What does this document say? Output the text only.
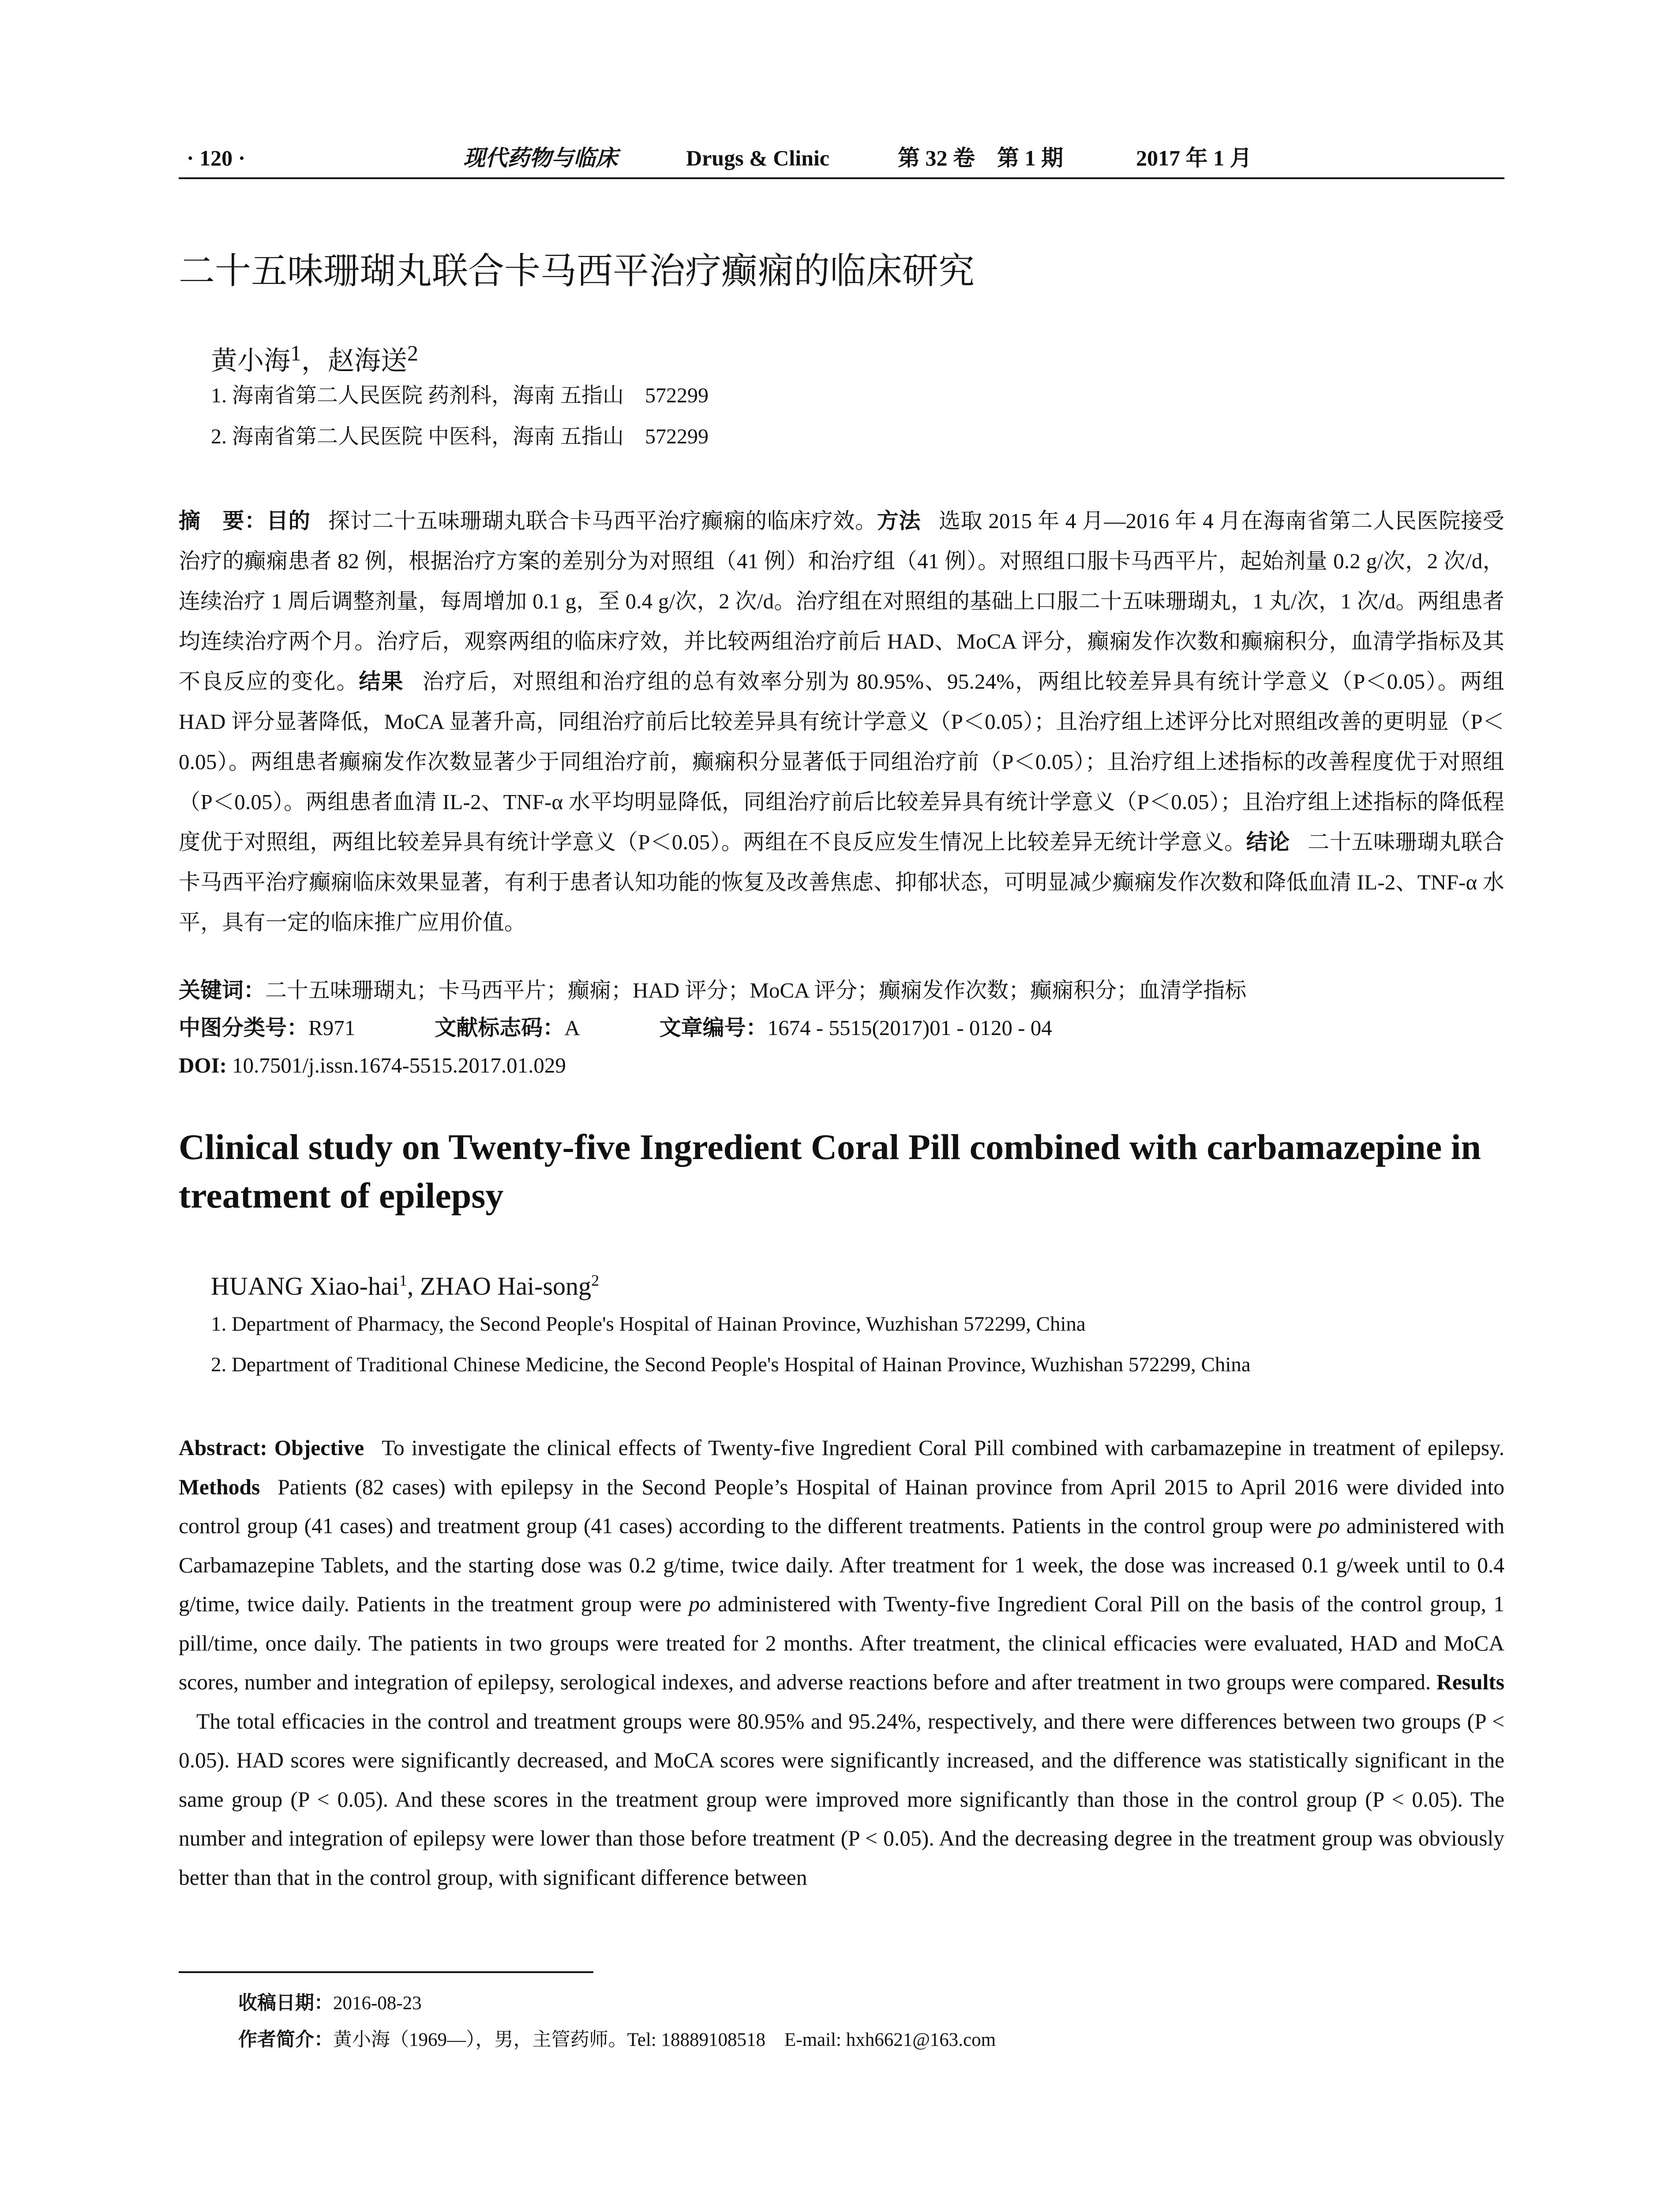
· 120 ·	现代药物与临床	Drugs & Clinic	第 32 卷　第 1 期	2017 年 1 月
二十五味珊瑚丸联合卡马西平治疗癫痫的临床研究
黄小海$^1$，赵海送$^2$
1. 海南省第二人民医院 药剂科，海南 五指山　572299
2. 海南省第二人民医院 中医科，海南 五指山　572299
摘　要：目的 探讨二十五味珊瑚丸联合卡马西平治疗癫痫的临床疗效。方法 选取 2015 年 4 月—2016 年 4 月在海南省第二人民医院接受治疗的癫痫患者 82 例，根据治疗方案的差别分为对照组（41 例）和治疗组（41 例）。对照组口服卡马西平片，起始剂量 0.2 g/次，2 次/d，连续治疗 1 周后调整剂量，每周增加 0.1 g，至 0.4 g/次，2 次/d。治疗组在对照组的基础上口服二十五味珊瑚丸，1 丸/次，1 次/d。两组患者均连续治疗两个月。治疗后，观察两组的临床疗效，并比较两组治疗前后 HAD、MoCA 评分，癫痫发作次数和癫痫积分，血清学指标及其不良反应的变化。结果 治疗后，对照组和治疗组的总有效率分别为 80.95%、95.24%，两组比较差异具有统计学意义（P＜0.05）。两组 HAD 评分显著降低，MoCA 显著升高，同组治疗前后比较差异具有统计学意义（P＜0.05）；且治疗组上述评分比对照组改善的更明显（P＜0.05）。两组患者癫痫发作次数显著少于同组治疗前，癫痫积分显著低于同组治疗前（P＜0.05）；且治疗组上述指标的改善程度优于对照组（P＜0.05）。两组患者血清 IL-2、TNF-α 水平均明显降低，同组治疗前后比较差异具有统计学意义（P＜0.05）；且治疗组上述指标的降低程度优于对照组，两组比较差异具有统计学意义（P＜0.05）。两组在不良反应发生情况上比较差异无统计学意义。结论 二十五味珊瑚丸联合卡马西平治疗癫痫临床效果显著，有利于患者认知功能的恢复及改善焦虑、抑郁状态，可明显减少癫痫发作次数和降低血清 IL-2、TNF-α 水平，具有一定的临床推广应用价值。
关键词：二十五味珊瑚丸；卡马西平片；癫痫；HAD 评分；MoCA 评分；癫痫发作次数；癫痫积分；血清学指标
中图分类号：R971	文献标志码：A	文章编号：1674 - 5515(2017)01 - 0120 - 04
DOI: 10.7501/j.issn.1674-5515.2017.01.029
Clinical study on Twenty-five Ingredient Coral Pill combined with carbamazepine in treatment of epilepsy
HUANG Xiao-hai$^1$, ZHAO Hai-song$^2$
1. Department of Pharmacy, the Second People's Hospital of Hainan Province, Wuzhishan 572299, China
2. Department of Traditional Chinese Medicine, the Second People's Hospital of Hainan Province, Wuzhishan 572299, China
Abstract: Objective To investigate the clinical effects of Twenty-five Ingredient Coral Pill combined with carbamazepine in treatment of epilepsy. Methods Patients (82 cases) with epilepsy in the Second People’s Hospital of Hainan province from April 2015 to April 2016 were divided into control group (41 cases) and treatment group (41 cases) according to the different treatments. Patients in the control group were po administered with Carbamazepine Tablets, and the starting dose was 0.2 g/time, twice daily. After treatment for 1 week, the dose was increased 0.1 g/week until to 0.4 g/time, twice daily. Patients in the treatment group were po administered with Twenty-five Ingredient Coral Pill on the basis of the control group, 1 pill/time, once daily. The patients in two groups were treated for 2 months. After treatment, the clinical efficacies were evaluated, HAD and MoCA scores, number and integration of epilepsy, serological indexes, and adverse reactions before and after treatment in two groups were compared. ResultsThe total efficacies in the control and treatment groups were 80.95% and 95.24%, respectively, and there were differences between two groups (P < 0.05). HAD scores were significantly decreased, and MoCA scores were significantly increased, and the difference was statistically significant in the same group (P < 0.05). And these scores in the treatment group were improved more significantly than those in the control group (P < 0.05). The number and integration of epilepsy were lower than those before treatment (P < 0.05). And the decreasing degree in the treatment group was obviously better than that in the control group, with significant difference between
收稿日期：2016-08-23
作者简介：黄小海（1969—），男，主管药师。Tel: 18889108518　E-mail: hxh6621@163.com
